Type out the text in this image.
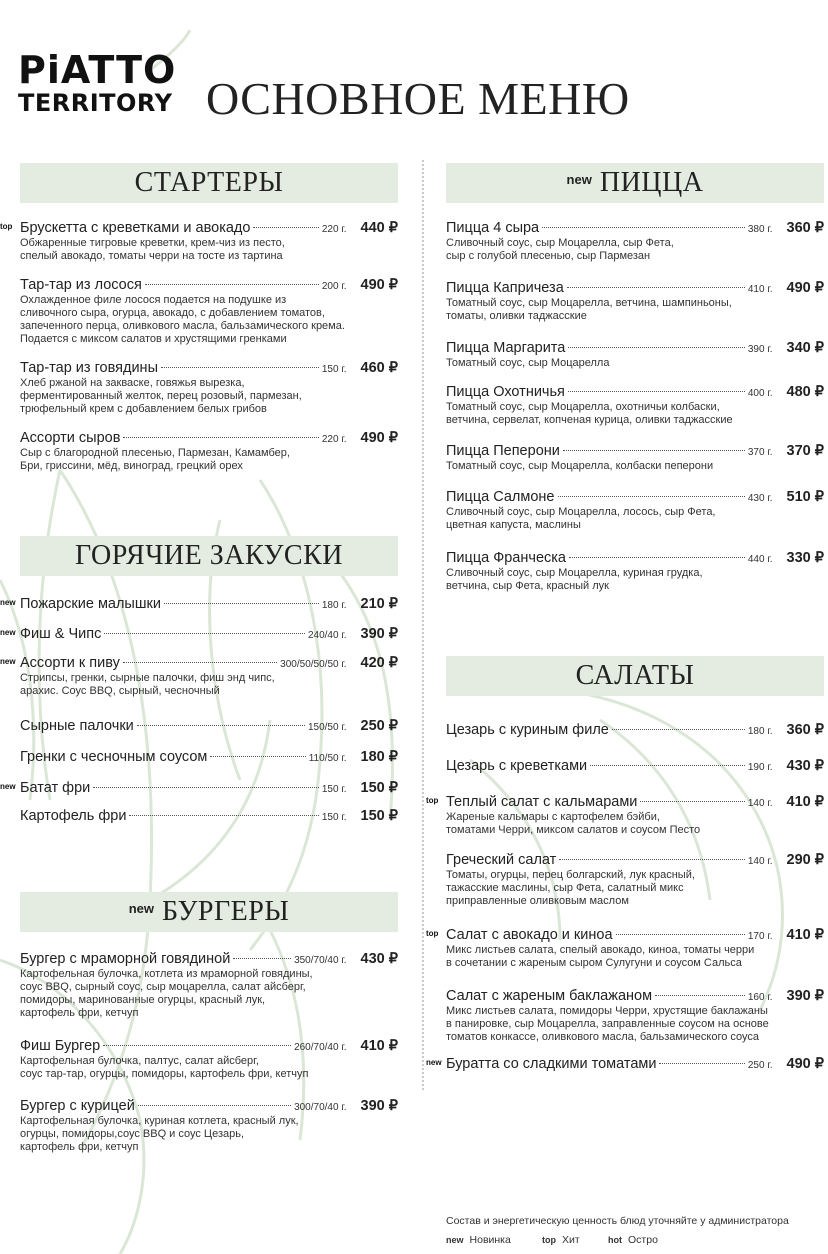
PiATTO
TERRITORY ОСНОВНОЕ МЕНЮ
СТАРТЕРЫ
ГОРЯЧИЕ ЗАКУСКИ
new БУРГЕРЫ
new ПИЦЦА
САЛАТЫ
top Брускетта с креветками и авокадо	220 г. 440 ₽
Обжаренные тигровые креветки, крем-чиз из песто,
спелый авокадо, томаты черри на тосте из тартина
Тар-тар из лосося	200 г. 490 ₽
Охлажденное филе лосося подается на подушке из
сливочного сыра, огурца, авокадо, с добавлением томатов,
запеченного перца, оливкового масла, бальзамического крема.
Подается с миксом салатов и хрустящими гренками
Тар-тар из говядины	150 г. 460 ₽
Хлеб ржаной на закваске, говяжья вырезка,
ферментированный желток, перец розовый, пармезан,
трюфельный крем с добавлением белых грибов
Ассорти сыров	220 г. 490 ₽
Сыр с благородной плесенью, Пармезан, Камамбер,
Бри, гриссини, мёд, виноград, грецкий орех
new Пожарские малышки	180 г. 210 ₽
new Фиш & Чипс	240/40 г. 390 ₽
new Ассорти к пиву	300/50/50/50 г. 420 ₽
Стрипсы, гренки, сырные палочки, фиш энд чипс,
арахис. Соус BBQ, сырный, чесночный
Сырные палочки	150/50 г. 250 ₽
Гренки с чесночным соусом	110/50 г. 180 ₽
new Батат фри	150 г. 150 ₽
Картофель фри	150 г. 150 ₽
Бургер с мраморной говядиной	350/70/40 г. 430 ₽
Картофельная булочка, котлета из мраморной говядины,
соус BBQ, сырный соус, сыр моцарелла, салат айсберг,
помидоры, маринованные огурцы, красный лук,
картофель фри, кетчуп
Фиш Бургер	260/70/40 г. 410 ₽
Картофельная булочка, палтус, салат айсберг,
соус тар-тар, огурцы, помидоры, картофель фри, кетчуп
Бургер с курицей	300/70/40 г. 390 ₽
Картофельная булочка, куриная котлета, красный лук,
огурцы, помидоры,соус BBQ и соус Цезарь,
картофель фри, кетчуп
Пицца 4 сыра	380 г. 360 ₽
Сливочный соус, сыр Моцарелла, сыр Фета,
сыр с голубой плесенью, сыр Пармезан
Пицца Капричеза	410 г. 490 ₽
Томатный соус, сыр Моцарелла, ветчина, шампиньоны,
томаты, оливки таджасские
Пицца Маргарита	390 г. 340 ₽
Томатный соус, сыр Моцарелла
Пицца Охотничья	400 г. 480 ₽
Томатный соус, сыр Моцарелла, охотничьи колбаски,
ветчина, сервелат, копченая курица, оливки таджасские
Пицца Пеперони	370 г. 370 ₽
Томатный соус, сыр Моцарелла, колбаски пеперони
Пицца Салмоне	430 г. 510 ₽
Сливочный соус, сыр Моцарелла, лосось, сыр Фета,
цветная капуста, маслины
Пицца Франческа	440 г. 330 ₽
Сливочный соус, сыр Моцарелла, куриная грудка,
ветчина, сыр Фета, красный лук
Цезарь с куриным филе	180 г. 360 ₽
Цезарь с креветками	190 г. 430 ₽
top Теплый салат с кальмарами	140 г. 410 ₽
Жареные кальмары с картофелем бэйби,
томатами Черри, миксом салатов и соусом Песто
Греческий салат	140 г. 290 ₽
Томаты, огурцы, перец болгарский, лук красный,
тажасские маслины, сыр Фета, салатный микс
приправленные оливковым маслом
top Салат с авокадо и киноа	170 г. 410 ₽
Микс листьев салата, спелый авокадо, киноа, томаты черри
в сочетании с жареным сыром Сулугуни и соусом Сальса
Салат с жареным баклажаном	160 г. 390 ₽
Микс листьев салата, помидоры Черри, хрустящие баклажаны
в панировке, сыр Моцарелла, заправленные соусом на основе
томатов конкассе, оливкового масла, бальзамического соуса
new Буратта со сладкими томатами	250 г. 490 ₽
Состав и энергетическую ценность блюд уточняйте у администратора
new Новинка	top Хит	hot Остро
